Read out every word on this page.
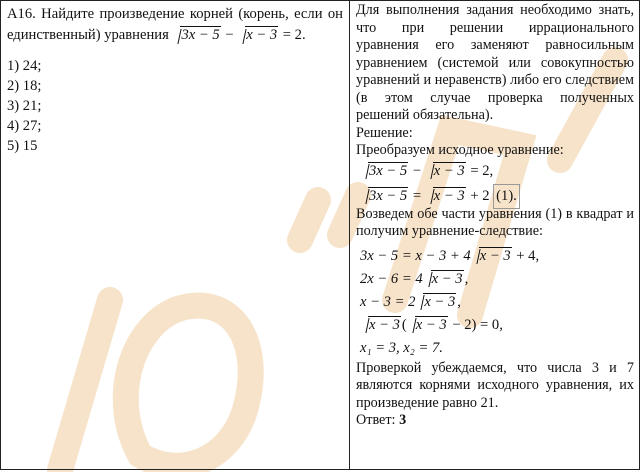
А16. Найдите произведение корней (корень, если он единственный) уравнения 3x − 5 − x − 3 = 2.
1) 24;
2) 18;
3) 21;
4) 27;
5) 15

Для выполнения задания необходимо знать, что при решении иррационального уравнения его заменяют равносильным уравнением (системой или совокупностью уравнений и неравенств) либо его следствием (в этом случае проверка полученных решений обязательна).
Решение:
Преобразуем исходное уравнение:
3x − 5 − x − 3 = 2,
3x − 5 = x − 3 + 2 (1).
Возведем обе части уравнения (1) в квадрат и получим уравнение-следствие:
3x − 5 = x − 3 + 4 x − 3 + 4,
2x − 6 = 4 x − 3 ,
x − 3 = 2 x − 3 ,
x − 3 ( x − 3 − 2) = 0,
x₁ = 3, x₂ = 7.
Проверкой убеждаемся, что числа 3 и 7 являются корнями исходного уравнения, их произведение равно 21.
Ответ: 3
